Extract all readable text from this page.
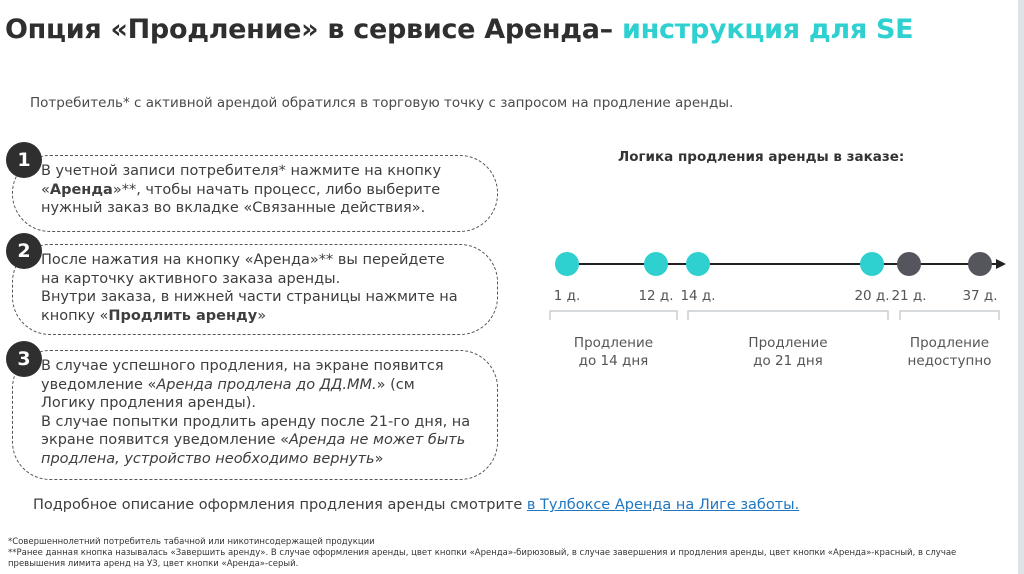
Опция «Продление» в сервисе Аренда– инструкция для SE
Потребитель* с активной арендой обратился в торговую точку с запросом на продление аренды.

В учетной записи потребителя* нажмите на кнопку

«Аренда»**, чтобы начать процесс, либо выберите

нужный заказ во вкладке «Связанные действия».

1

После нажатия на кнопку «Аренда»** вы перейдете

на карточку активного заказа аренды.

Внутри заказа, в нижней части страницы нажмите на

кнопку «Продлить аренду»

2

В случае успешного продления, на экране появится

уведомление «Аренда продлена до ДД.ММ.» (см

Логику продления аренды).

В случае попытки продлить аренду после 21-го дня, на

экране появится уведомление «Аренда не может быть

продлена, устройство необходимо вернуть»

3
Логика продления аренды в заказе:
1 д.	12 д. 14 д.	20 д. 21 д.	37 д.
Продление
до 14 дня
Продление
до 21 дня
Продление
недоступно
Подробное описание оформления продления аренды смотрите в Тулбоксе Аренда на Лиге заботы.
*Совершеннолетний потребитель табачной или никотинсодержащей продукции
**Ранее данная кнопка называлась «Завершить аренду». В случае оформления аренды, цвет кнопки «Аренда»-бирюзовый, в случае завершения и продления аренды, цвет кнопки «Аренда»-красный, в случае превышения лимита аренд на УЗ, цвет кнопки «Аренда»-серый.
